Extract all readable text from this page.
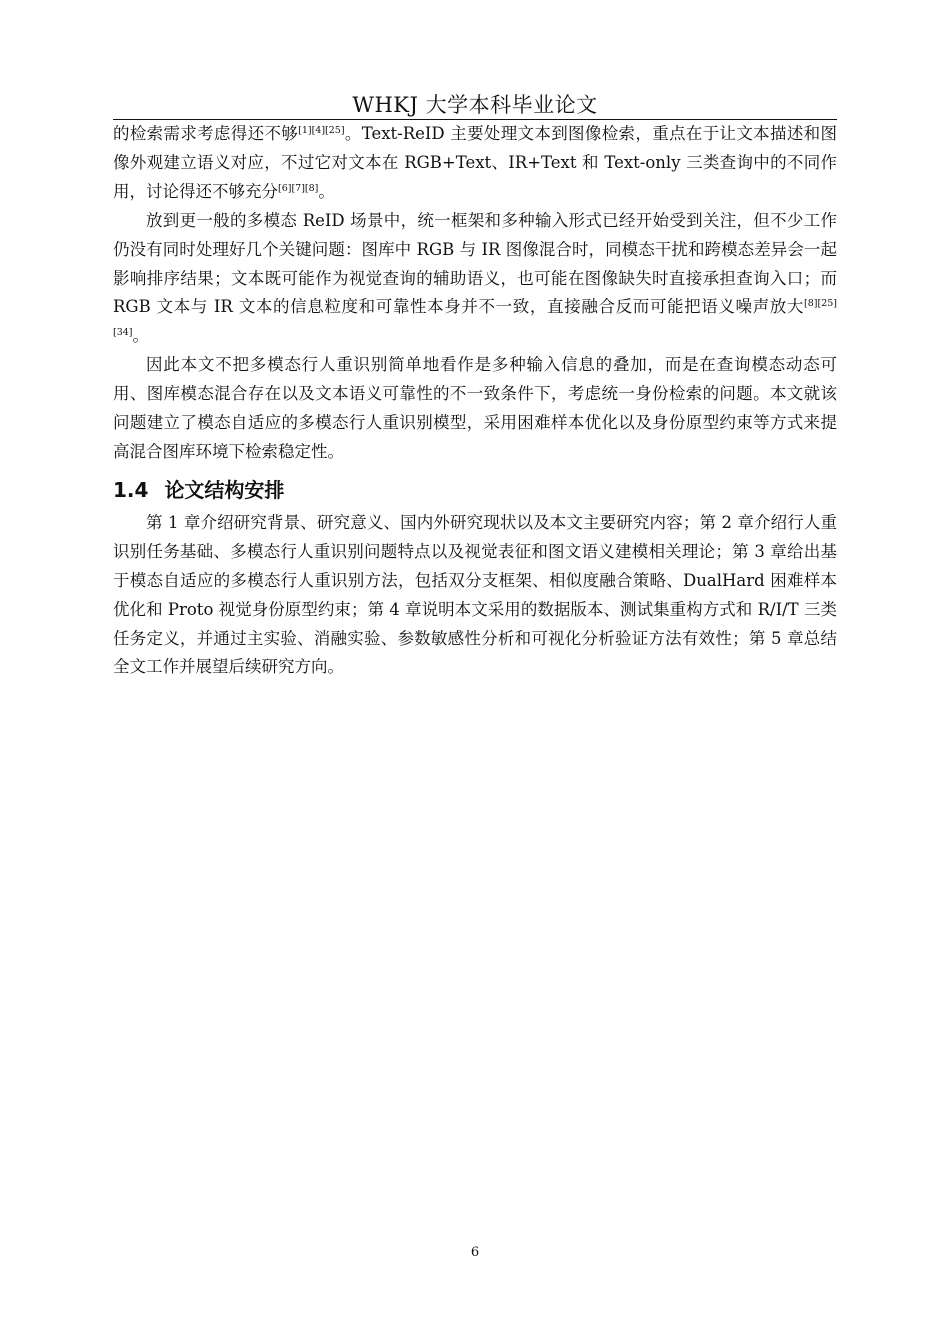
WHKJ 大学本科毕业论文

的检索需求考虑得还不够[1][4][25]。Text-ReID 主要处理文本到图像检索，重点在于让文本描述和图像外观建立语义对应，不过它对文本在 RGB+Text、IR+Text 和 Text-only 三类查询中的不同作用，讨论得还不够充分[6][7][8]。

放到更一般的多模态 ReID 场景中，统一框架和多种输入形式已经开始受到关注，但不少工作仍没有同时处理好几个关键问题：图库中 RGB 与 IR 图像混合时，同模态干扰和跨模态差异会一起影响排序结果；文本既可能作为视觉查询的辅助语义，也可能在图像缺失时直接承担查询入口；而 RGB 文本与 IR 文本的信息粒度和可靠性本身并不一致，直接融合反而可能把语义噪声放大[8][25][34]。

因此本文不把多模态行人重识别简单地看作是多种输入信息的叠加，而是在查询模态动态可用、图库模态混合存在以及文本语义可靠性的不一致条件下，考虑统一身份检索的问题。本文就该问题建立了模态自适应的多模态行人重识别模型，采用困难样本优化以及身份原型约束等方式来提高混合图库环境下检索稳定性。

1.4 论文结构安排

第 1 章介绍研究背景、研究意义、国内外研究现状以及本文主要研究内容；第 2 章介绍行人重识别任务基础、多模态行人重识别问题特点以及视觉表征和图文语义建模相关理论；第 3 章给出基于模态自适应的多模态行人重识别方法，包括双分支框架、相似度融合策略、DualHard 困难样本优化和 Proto 视觉身份原型约束；第 4 章说明本文采用的数据版本、测试集重构方式和 R/I/T 三类任务定义，并通过主实验、消融实验、参数敏感性分析和可视化分析验证方法有效性；第 5 章总结全文工作并展望后续研究方向。

6
